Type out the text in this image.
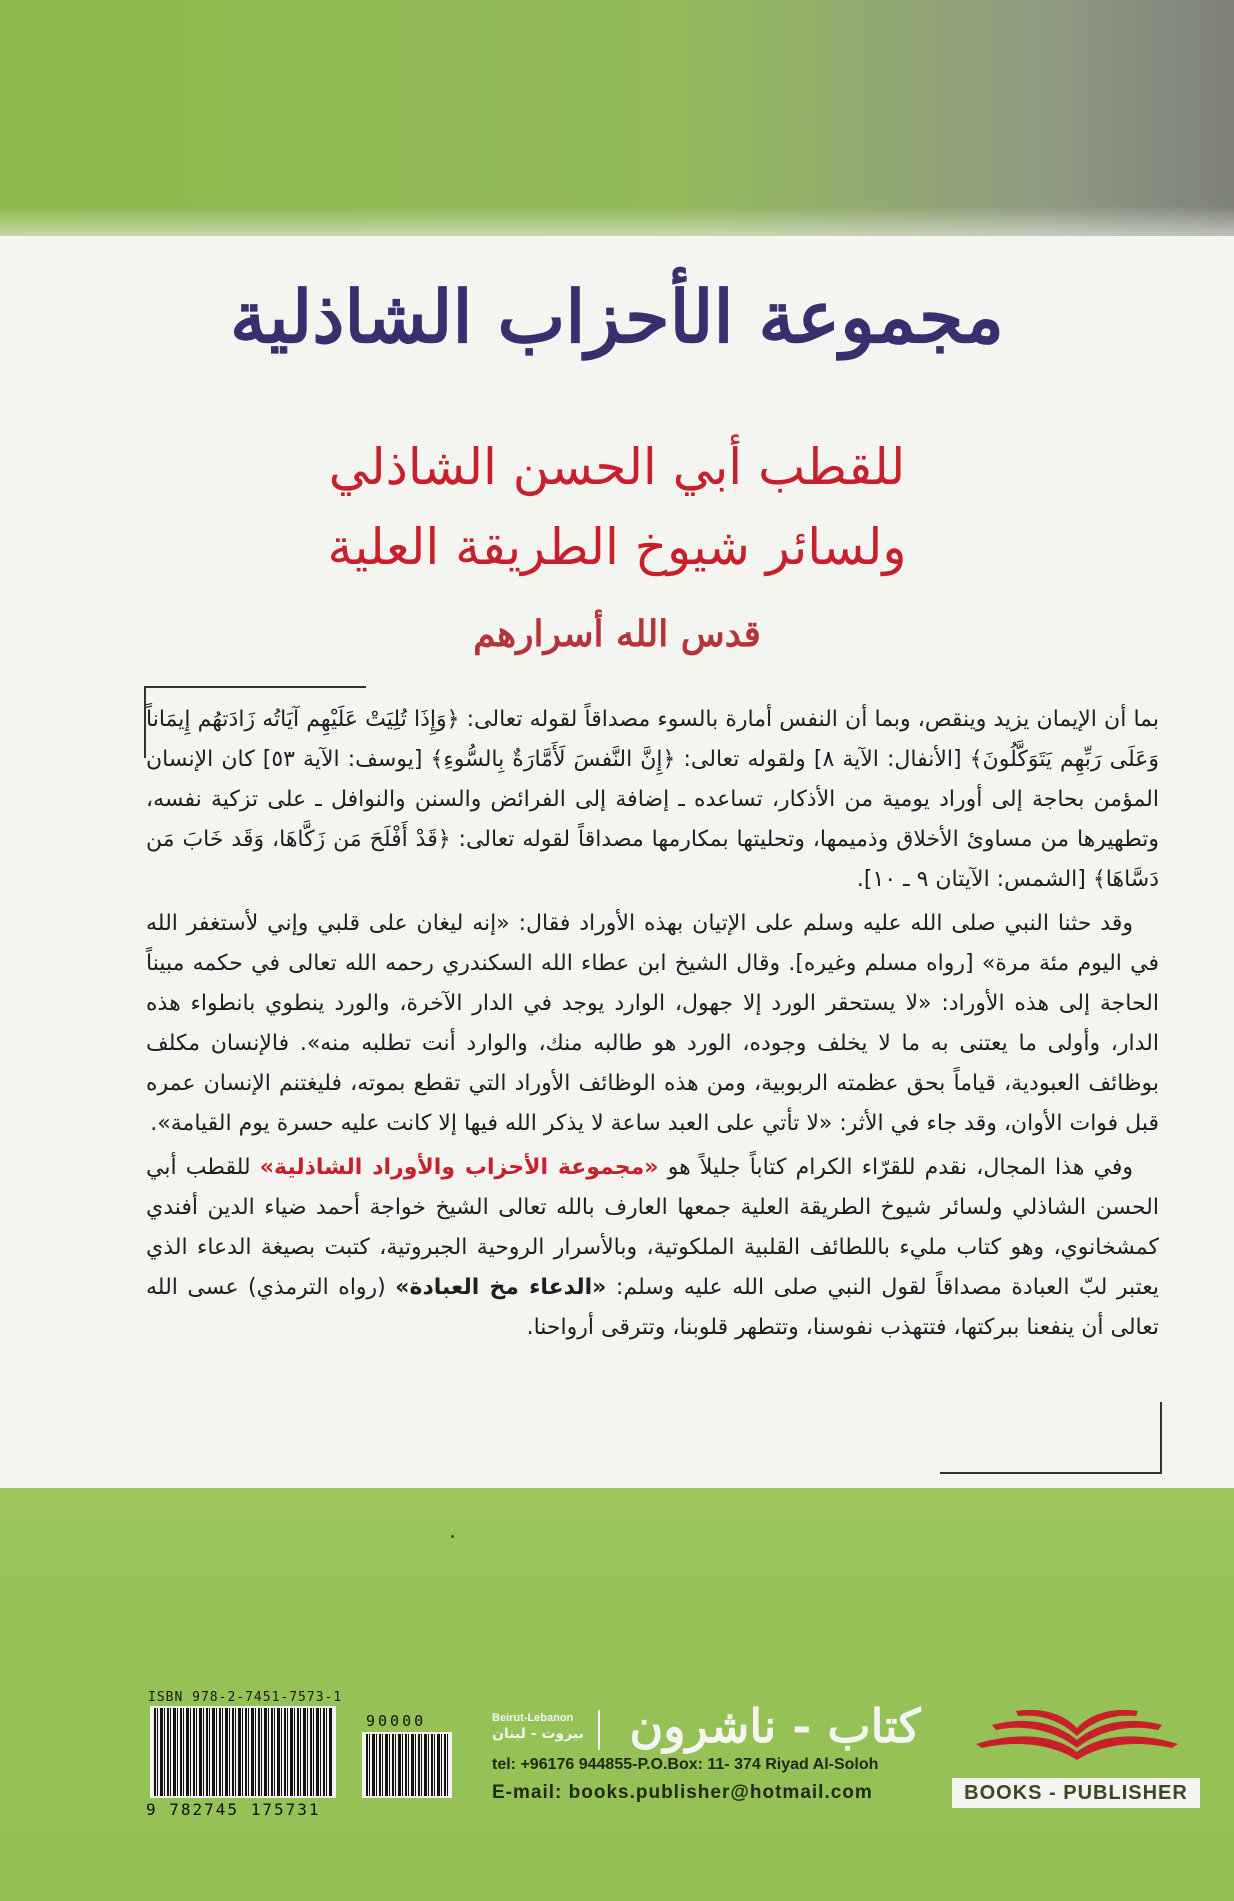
مجموعة الأحزاب الشاذلية
للقطب أبي الحسن الشاذلي
ولسائر شيوخ الطريقة العلية
قدس الله أسرارهم

بما أن الإيمان يزيد وينقص، وبما أن النفس أمارة بالسوء مصداقاً لقوله تعالى: ﴿وَإِذَا تُلِيَتْ عَلَيْهِم آيَاتُه زَادَتهُم إِيمَاناً وَعَلَى رَبِّهِم يَتَوَكَّلُونَ﴾ [الأنفال: الآية ٨] ولقوله تعالى: ﴿إِنَّ النَّفسَ لَأَمَّارَةٌ بِالسُّوءِ﴾ [يوسف: الآية ٥٣] كان الإنسان المؤمن بحاجة إلى أوراد يومية من الأذكار، تساعده ـ إضافة إلى الفرائض والسنن والنوافل ـ على تزكية نفسه، وتطهيرها من مساوئ الأخلاق وذميمها، وتحليتها بمكارمها مصداقاً لقوله تعالى: ﴿قَدْ أَفْلَحَ مَن زَكَّاهَا، وَقَد خَابَ مَن دَسَّاهَا﴾ [الشمس: الآيتان ٩ ـ ١٠].

وقد حثنا النبي صلى الله عليه وسلم على الإتيان بهذه الأوراد فقال: «إنه ليغان على قلبي وإني لأستغفر الله في اليوم مئة مرة» [رواه مسلم وغيره]. وقال الشيخ ابن عطاء الله السكندري رحمه الله تعالى في حكمه مبيناً الحاجة إلى هذه الأوراد: «لا يستحقر الورد إلا جهول، الوارد يوجد في الدار الآخرة، والورد ينطوي بانطواء هذه الدار، وأولى ما يعتنى به ما لا يخلف وجوده، الورد هو طالبه منك، والوارد أنت تطلبه منه». فالإنسان مكلف بوظائف العبودية، قياماً بحق عظمته الربوبية، ومن هذه الوظائف الأوراد التي تقطع بموته، فليغتنم الإنسان عمره قبل فوات الأوان، وقد جاء في الأثر: «لا تأتي على العبد ساعة لا يذكر الله فيها إلا كانت عليه حسرة يوم القيامة».

وفي هذا المجال، نقدم للقرّاء الكرام كتاباً جليلاً هو «مجموعة الأحزاب والأوراد الشاذلية» للقطب أبي الحسن الشاذلي ولسائر شيوخ الطريقة العلية جمعها العارف بالله تعالى الشيخ خواجة أحمد ضياء الدين أفندي كمشخانوي، وهو كتاب مليء باللطائف القلبية الملكوتية، وبالأسرار الروحية الجبروتية، كتبت بصيغة الدعاء الذي يعتبر لبّ العبادة مصداقاً لقول النبي صلى الله عليه وسلم: «الدعاء مخ العبادة» (رواه الترمذي) عسى الله تعالى أن ينفعنا ببركتها، فتتهذب نفوسنا، وتتطهر قلوبنا، وتترقى أرواحنا.

ISBN 978-2-7451-7573-1
9 782745 175731
90000	Beirut-Lebanon
بيروت - لبنان كتاب - ناشرون
tel: +96176 944855-P.O.Box: 11- 374 Riyad Al-Soloh
E-mail: books.publisher@hotmail.com	BOOKS - PUBLISHER
